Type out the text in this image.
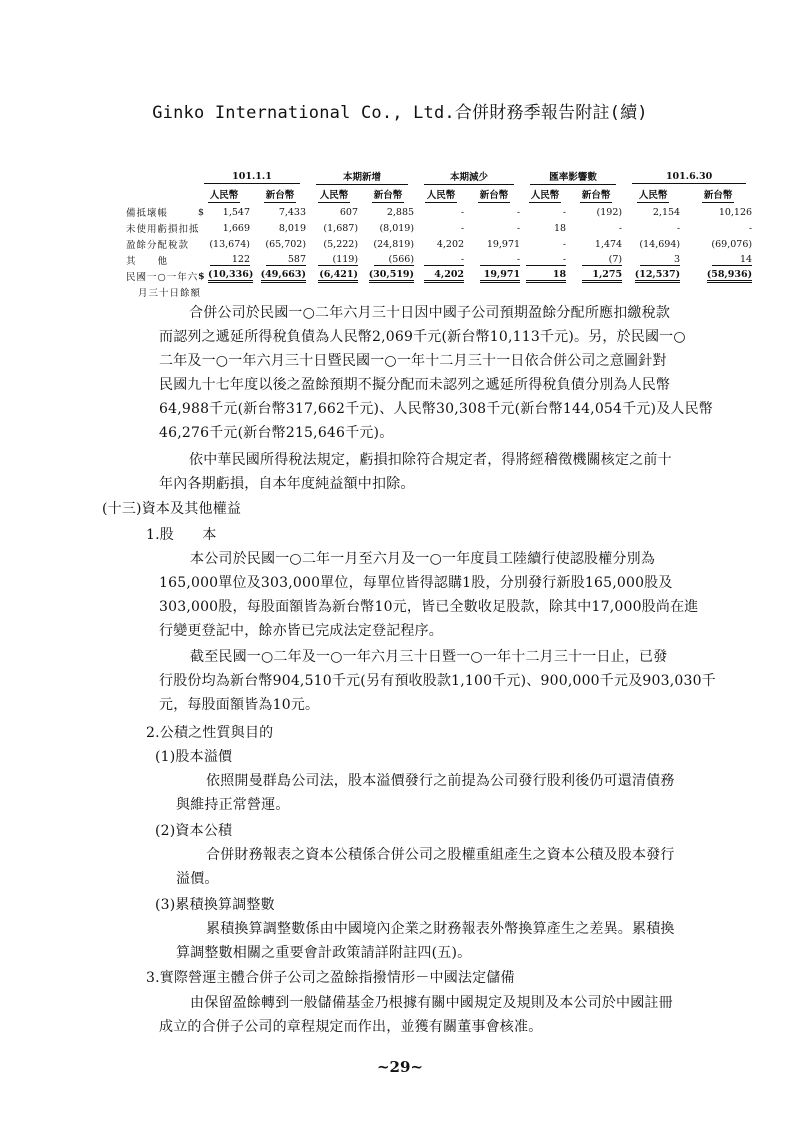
Ginko International Co., Ltd.合併財務季報告附註(續)

	101.1.1			本期新增		本期減少		匯率影響數		101.6.30	

	人民幣		新台幣	人民幣	新台幣	人民幣	新台幣	人民幣	新台幣	人民幣	新台幣
備抵壞帳	$	1,547	7,433	607	2,885	-	-	-	(192)	2,154	10,126
未使用虧損扣抵		1,669	8,019	(1,687)	(8,019)	-	-	18	-	-	-
盈餘分配稅款		(13,674)	(65,702)	(5,222)	(24,819)	4,202	19,971	-	1,474	(14,694)	(69,076)
其　　他		122	587	(119)	(566)	-	-	-	(7)	3	14
民國一○一年六	$	(10,336)	(49,663)	(6,421)	(30,519)	4,202	19,971	18	1,275	(12,537)	(58,936)
月三十日餘額											
合併公司於民國一○二年六月三十日因中國子公司預期盈餘分配所應扣繳稅款
而認列之遞延所得稅負債為人民幣2,069千元(新台幣10,113千元)。另，於民國一○
二年及一○一年六月三十日暨民國一○一年十二月三十一日依合併公司之意圖針對
民國九十七年度以後之盈餘預期不擬分配而未認列之遞延所得稅負債分別為人民幣
64,988千元(新台幣317,662千元)、人民幣30,308千元(新台幣144,054千元)及人民幣
46,276千元(新台幣215,646千元)。
依中華民國所得稅法規定，虧損扣除符合規定者，得將經稽徵機關核定之前十
年內各期虧損，自本年度純益額中扣除。
(十三)資本及其他權益
1.股　　本
本公司於民國一○二年一月至六月及一○一年度員工陸續行使認股權分別為
165,000單位及303,000單位，每單位皆得認購1股，分別發行新股165,000股及
303,000股，每股面額皆為新台幣10元，皆已全數收足股款，除其中17,000股尚在進
行變更登記中，餘亦皆已完成法定登記程序。
截至民國一○二年及一○一年六月三十日暨一○一年十二月三十一日止，已發
行股份均為新台幣904,510千元(另有預收股款1,100千元)、900,000千元及903,030千
元，每股面額皆為10元。
2.公積之性質與目的
(1)股本溢價
依照開曼群島公司法，股本溢價發行之前提為公司發行股利後仍可還清債務
與維持正常營運。
(2)資本公積
合併財務報表之資本公積係合併公司之股權重組產生之資本公積及股本發行
溢價。
(3)累積換算調整數
累積換算調整數係由中國境內企業之財務報表外幣換算產生之差異。累積換
算調整數相關之重要會計政策請詳附註四(五)。
3.實際營運主體合併子公司之盈餘指撥情形－中國法定儲備
由保留盈餘轉到一般儲備基金乃根據有關中國規定及規則及本公司於中國註冊
成立的合併子公司的章程規定而作出，並獲有關董事會核准。
~29~
